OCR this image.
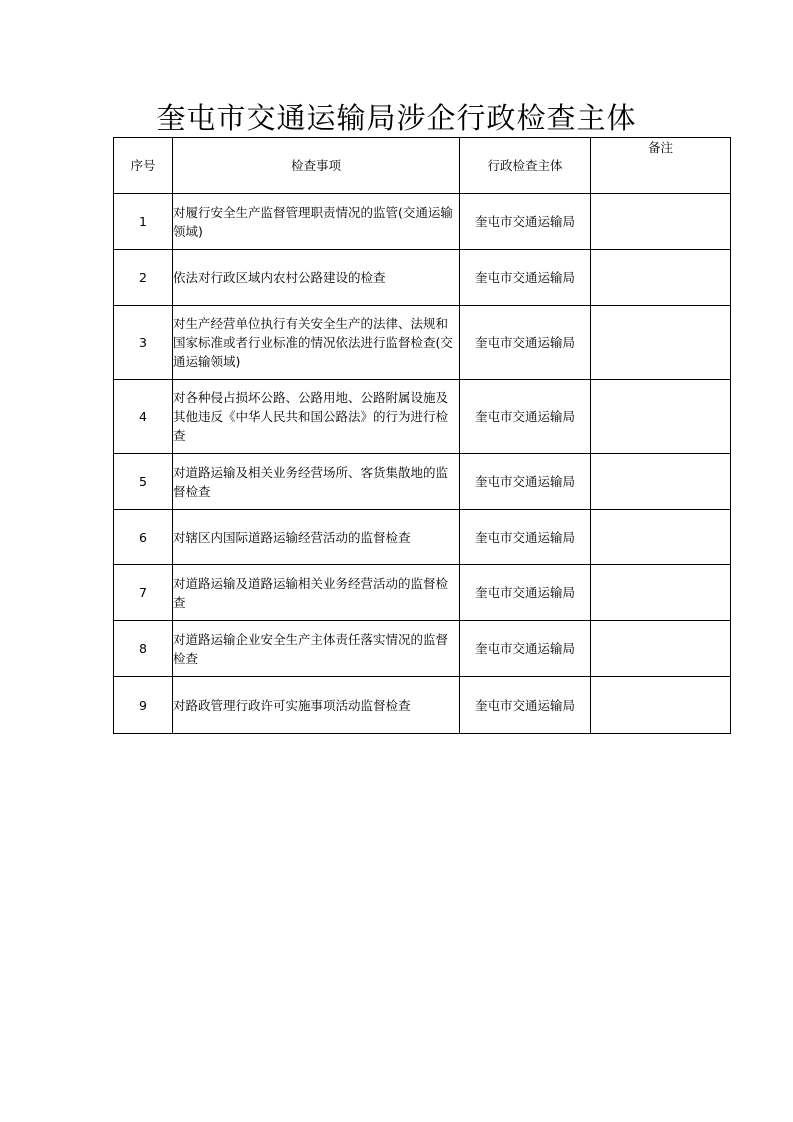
奎屯市交通运输局涉企行政检查主体
序号	检查事项	行政检查主体	备注
1	对履行安全生产监督管理职责情况的监管(交通运输领域)	奎屯市交通运输局	
2	依法对行政区域内农村公路建设的检查	奎屯市交通运输局	
3	对生产经营单位执行有关安全生产的法律、法规和国家标准或者行业标准的情况依法进行监督检查(交通运输领域)	奎屯市交通运输局	
4	对各种侵占损坏公路、公路用地、公路附属设施及其他违反《中华人民共和国公路法》的行为进行检查	奎屯市交通运输局	
5	对道路运输及相关业务经营场所、客货集散地的监督检查	奎屯市交通运输局	
6	对辖区内国际道路运输经营活动的监督检查	奎屯市交通运输局	
7	对道路运输及道路运输相关业务经营活动的监督检查	奎屯市交通运输局	
8	对道路运输企业安全生产主体责任落实情况的监督检查	奎屯市交通运输局	
9	对路政管理行政许可实施事项活动监督检查	奎屯市交通运输局	
